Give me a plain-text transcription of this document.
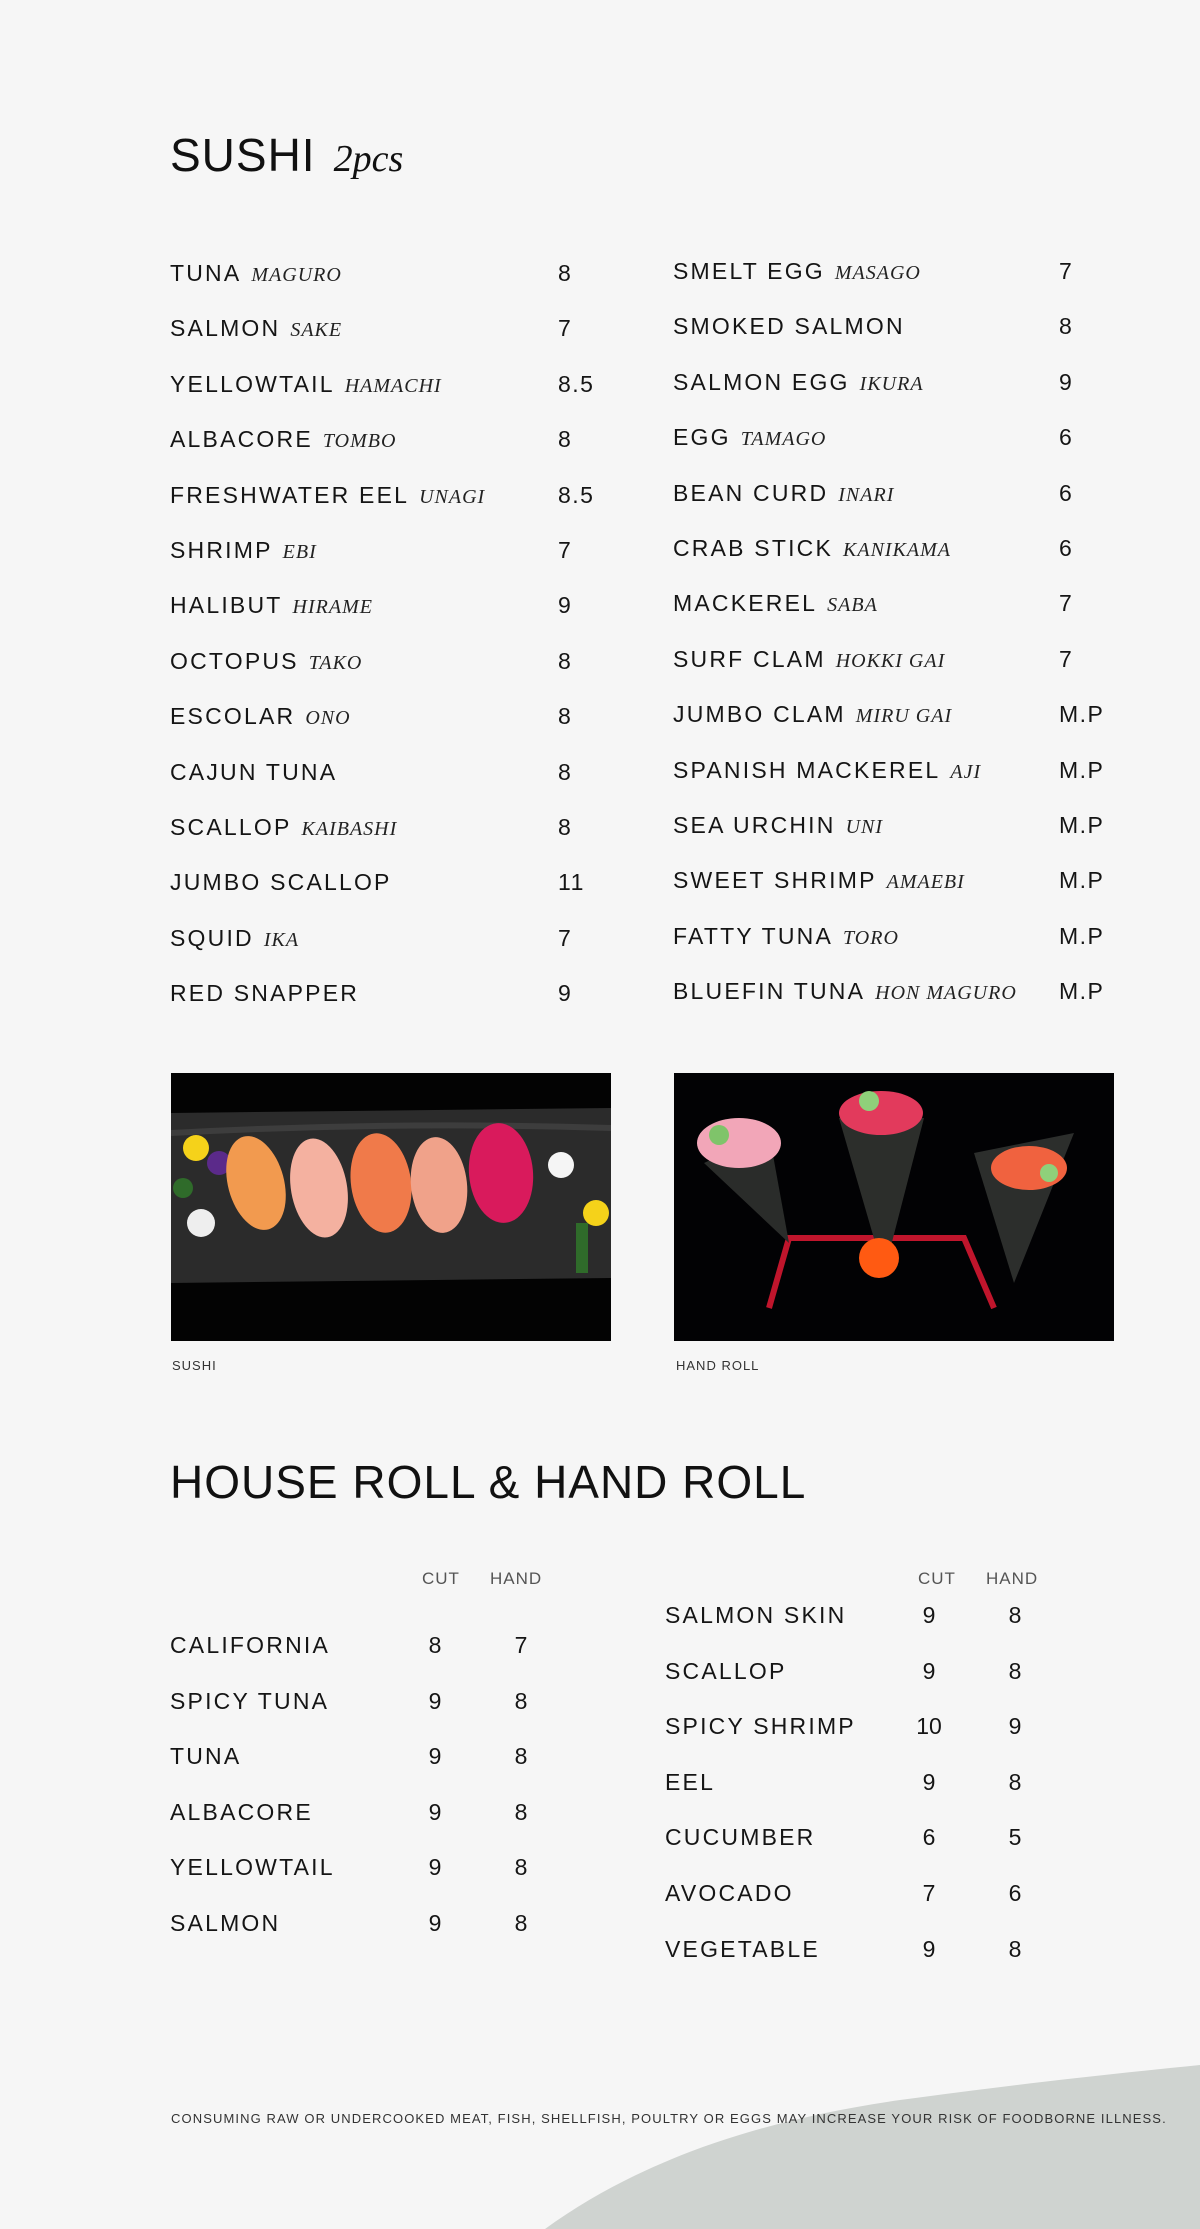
SUSHI 2pcs
TUNA MAGURO	8
SALMON SAKE	7
YELLOWTAIL HAMACHI	8.5
ALBACORE TOMBO	8
FRESHWATER EEL UNAGI	8.5
SHRIMP EBI	7
HALIBUT HIRAME	9
OCTOPUS TAKO	8
ESCOLAR ONO	8
CAJUN TUNA	8
SCALLOP KAIBASHI	8
JUMBO SCALLOP	11
SQUID IKA	7
RED SNAPPER	9
SMELT EGG MASAGO	7
SMOKED SALMON	8
SALMON EGG IKURA	9
EGG TAMAGO	6
BEAN CURD INARI	6
CRAB STICK KANIKAMA	6
MACKEREL SABA	7
SURF CLAM HOKKI GAI	7
JUMBO CLAM MIRU GAI	M.P
SPANISH MACKEREL AJI	M.P
SEA URCHIN UNI	M.P
SWEET SHRIMP AMAEBI	M.P
FATTY TUNA TORO	M.P
BLUEFIN TUNA HON MAGURO M.P
SUSHI	HAND ROLL
HOUSE ROLL & HAND ROLL
CUT HAND	CUT HAND
CALIFORNIA	8	7
SPICY TUNA	9	8
TUNA	9	8
ALBACORE	9	8
YELLOWTAIL	9	8
SALMON	9	8
SALMON SKIN	9	8
SCALLOP	9	8
SPICY SHRIMP	10	9
EEL	9	8
CUCUMBER	6	5
AVOCADO	7	6
VEGETABLE	9	8
CONSUMING RAW OR UNDERCOOKED MEAT, FISH, SHELLFISH, POULTRY OR EGGS MAY INCREASE YOUR RISK OF FOODBORNE ILLNESS.
